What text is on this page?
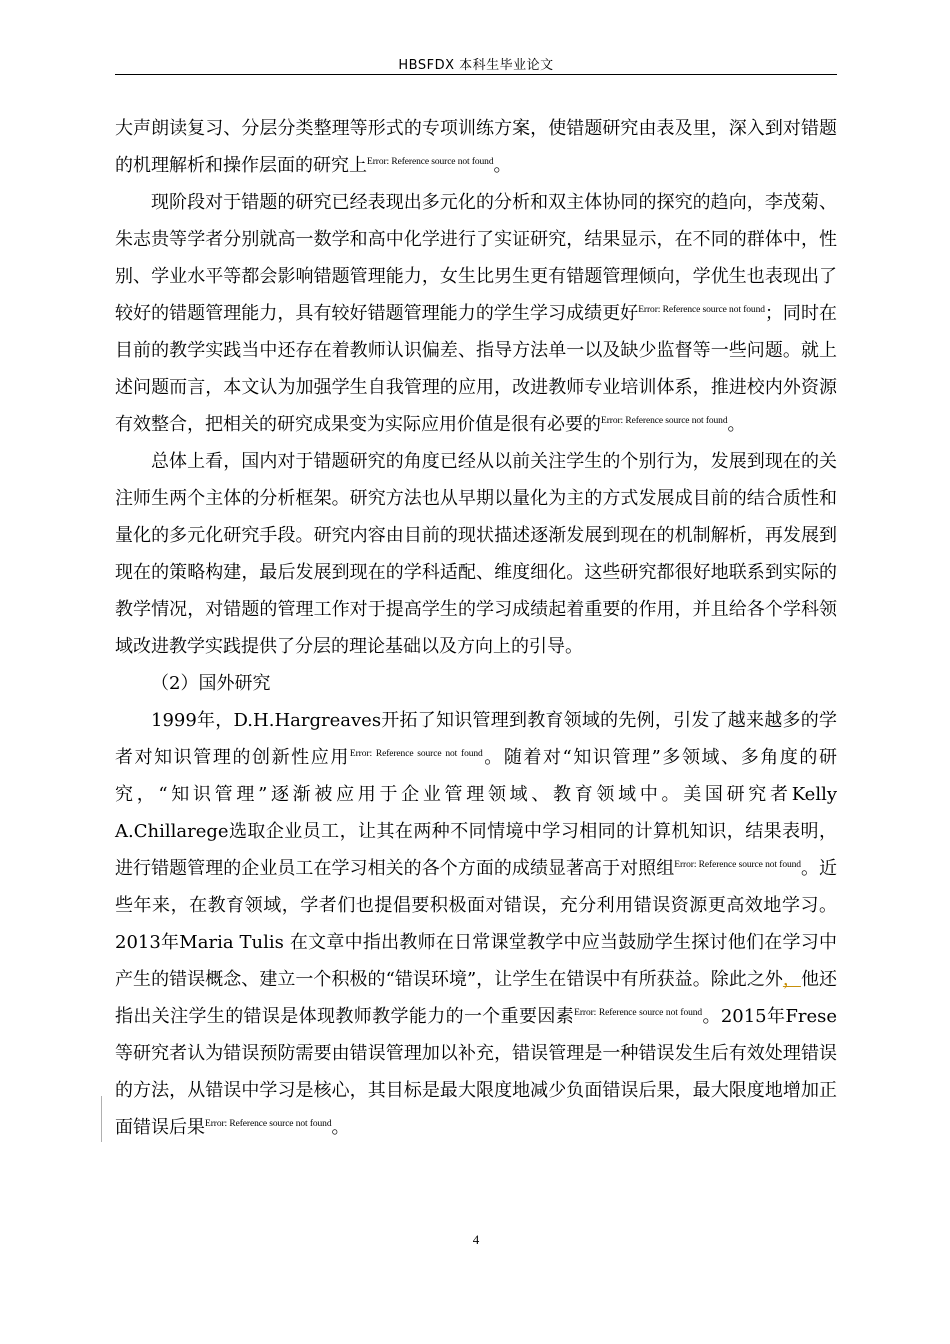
HBSFDX 本科生毕业论文

大声朗读复习、分层分类整理等形式的专项训练方案，使错题研究由表及里，深入到对错题的机理解析和操作层面的研究上$^{Error: Reference source not found}$。

现阶段对于错题的研究已经表现出多元化的分析和双主体协同的探究的趋向，李茂菊、朱志贵等学者分别就高一数学和高中化学进行了实证研究，结果显示，在不同的群体中，性别、学业水平等都会影响错题管理能力，女生比男生更有错题管理倾向，学优生也表现出了较好的错题管理能力，具有较好错题管理能力的学生学习成绩更好$^{Error: Reference source not found}$；同时在目前的教学实践当中还存在着教师认识偏差、指导方法单一以及缺少监督等一些问题。就上述问题而言，本文认为加强学生自我管理的应用，改进教师专业培训体系，推进校内外资源有效整合，把相关的研究成果变为实际应用价值是很有必要的$^{Error: Reference source not found}$。

总体上看，国内对于错题研究的角度已经从以前关注学生的个别行为，发展到现在的关注师生两个主体的分析框架。研究方法也从早期以量化为主的方式发展成目前的结合质性和量化的多元化研究手段。研究内容由目前的现状描述逐渐发展到现在的机制解析，再发展到现在的策略构建，最后发展到现在的学科适配、维度细化。这些研究都很好地联系到实际的教学情况，对错题的管理工作对于提高学生的学习成绩起着重要的作用，并且给各个学科领域改进教学实践提供了分层的理论基础以及方向上的引导。

（2）国外研究

1999年，D.H.Hargreaves开拓了知识管理到教育领域的先例，引发了越来越多的学者对知识管理的创新性应用$^{Error: Reference source not found}$。随着对“知识管理”多领域、多角度的研究，“知识管理”逐渐被应用于企业管理领域、教育领域中。美国研究者Kelly A.Chillarege选取企业员工，让其在两种不同情境中学习相同的计算机知识，结果表明，进行错题管理的企业员工在学习相关的各个方面的成绩显著高于对照组$^{Error: Reference source not found}$。近些年来，在教育领域，学者们也提倡要积极面对错误，充分利用错误资源更高效地学习。2013年Maria Tulis 在文章中指出教师在日常课堂教学中应当鼓励学生探讨他们在学习中产生的错误概念、建立一个积极的“错误环境”，让学生在错误中有所获益。除此之外，他还指出关注学生的错误是体现教师教学能力的一个重要因素$^{Error: Reference source not found}$。2015年Frese等研究者认为错误预防需要由错误管理加以补充，错误管理是一种错误发生后有效处理错误的方法，从错误中学习是核心，其目标是最大限度地减少负面错误后果，最大限度地增加正面错误后果$^{Error: Reference source not found}$。

4
